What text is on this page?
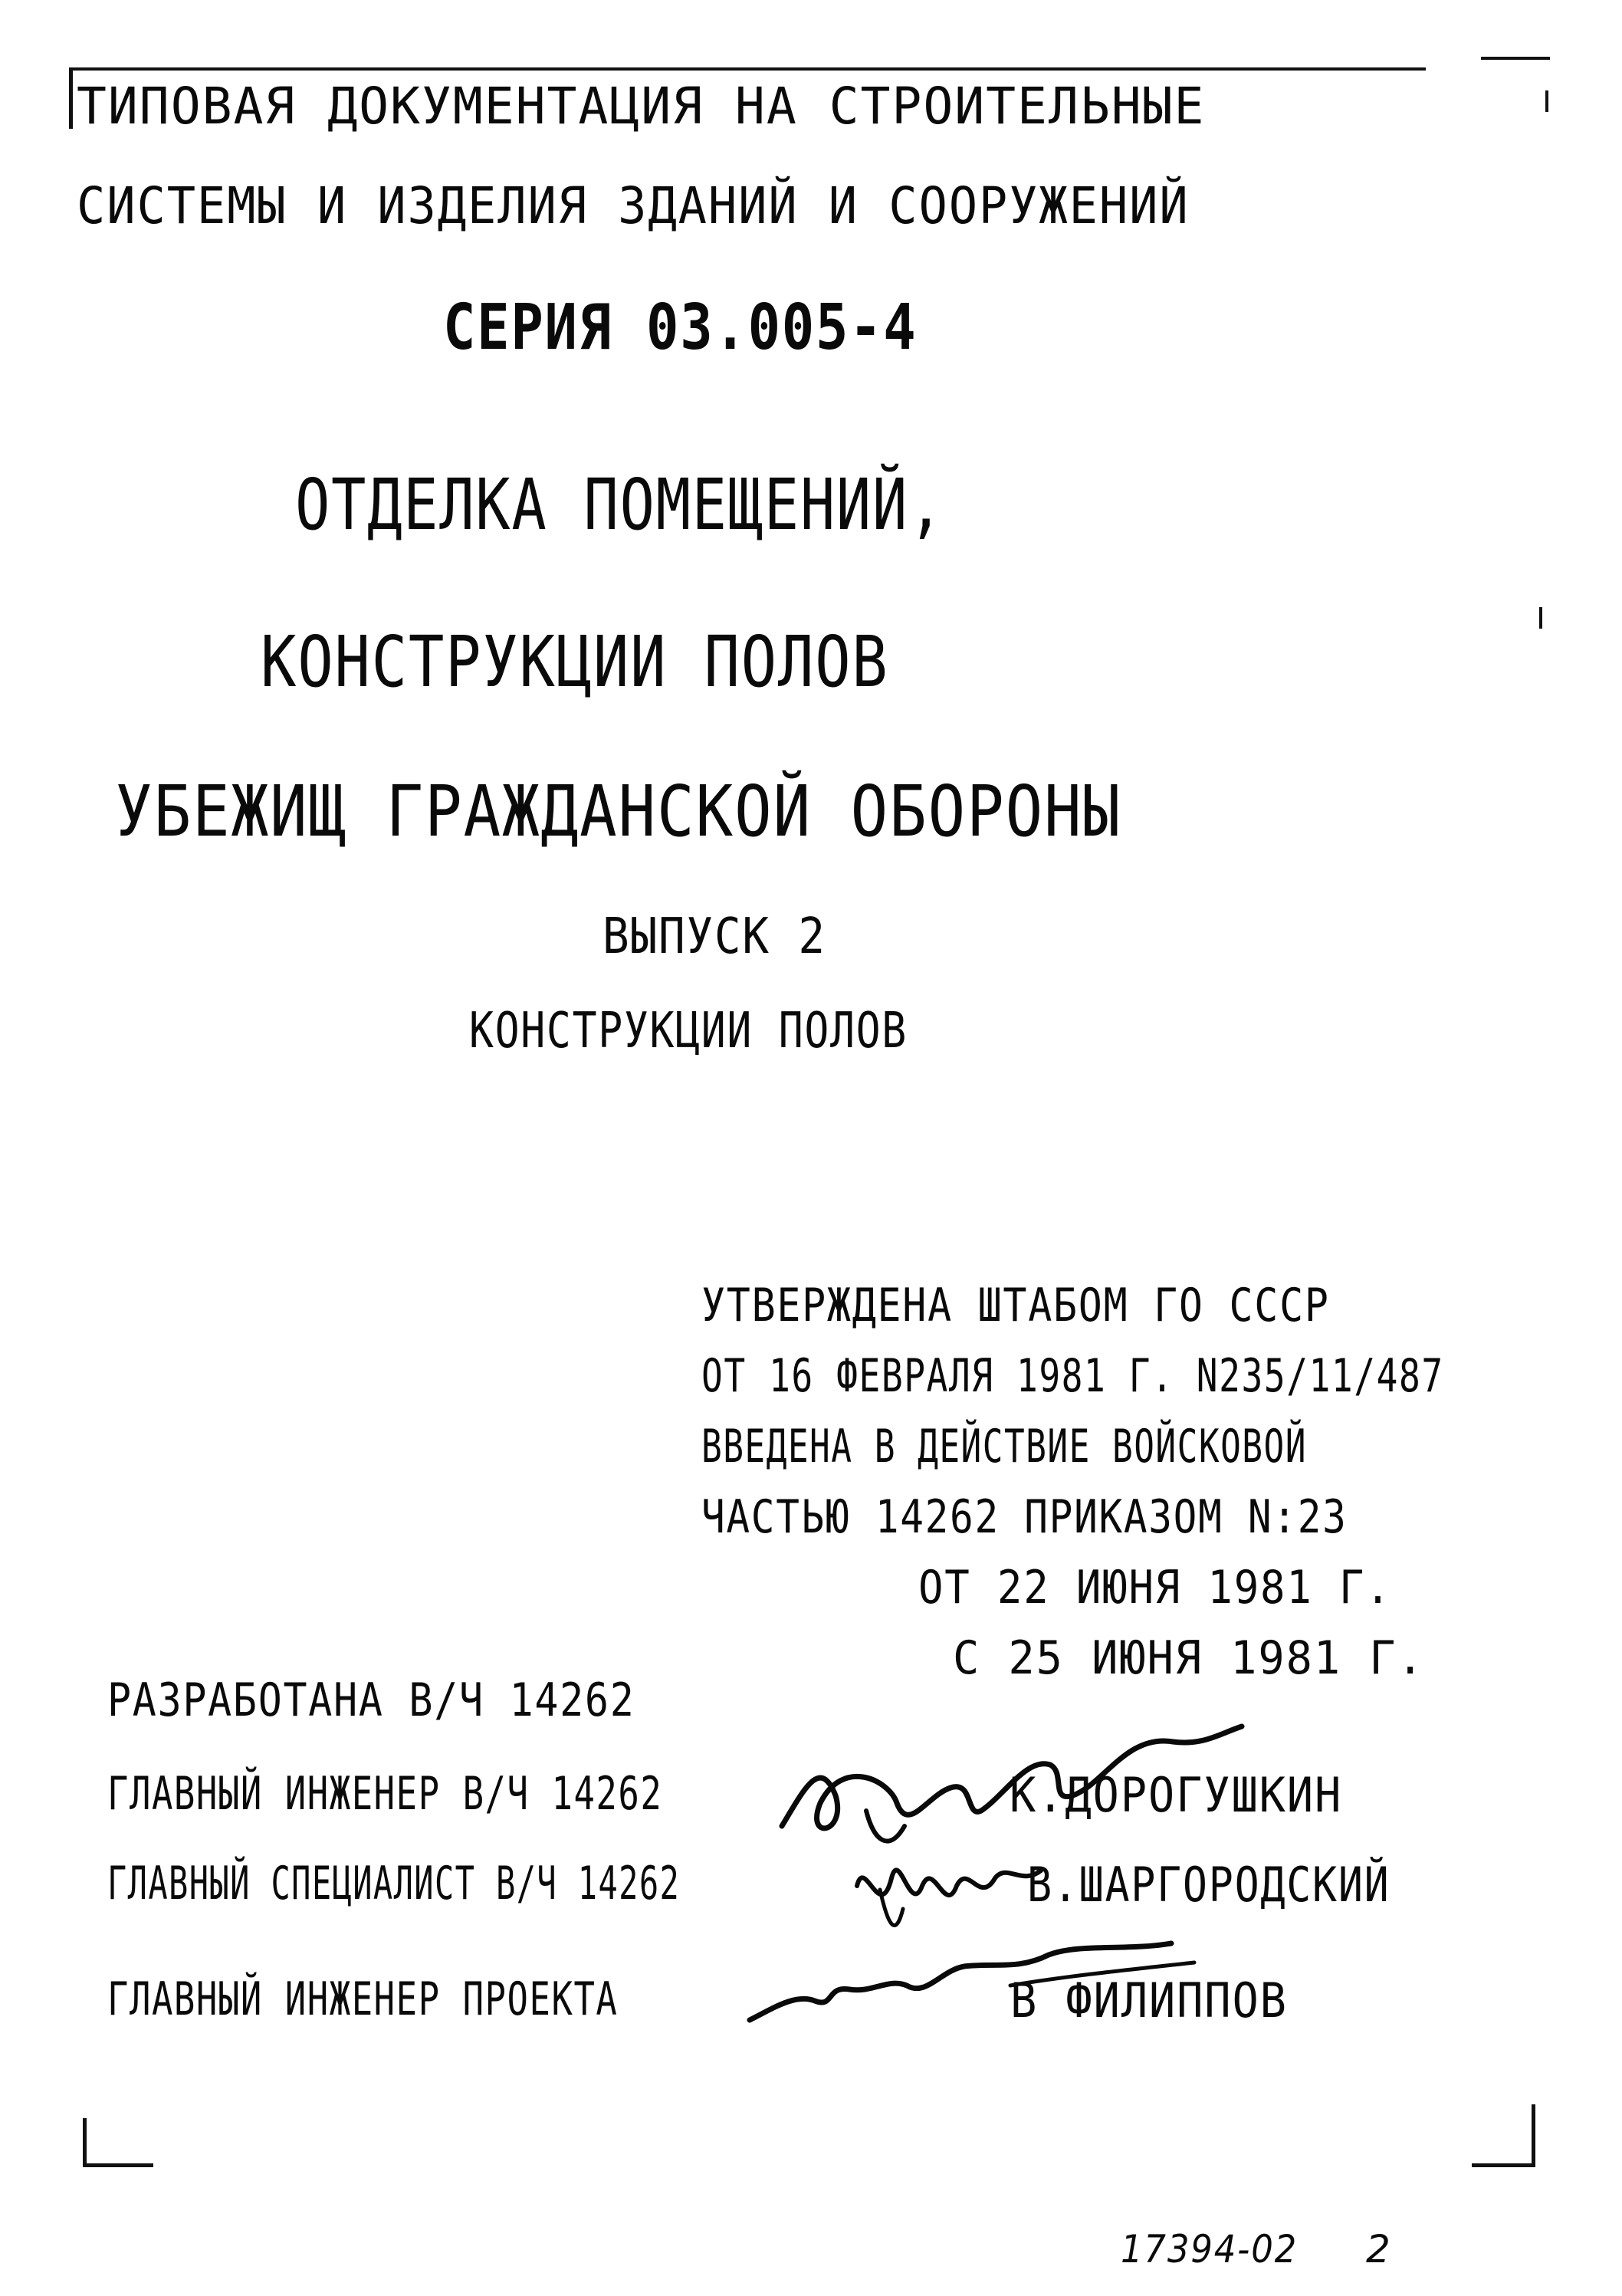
ТИПОВАЯ ДОКУМЕНТАЦИЯ НА СТРОИТЕЛЬНЫЕ
СИСТЕМЫ И ИЗДЕЛИЯ ЗДАНИЙ И СООРУЖЕНИЙ
СЕРИЯ 03.005-4
ОТДЕЛКА ПОМЕЩЕНИЙ,
КОНСТРУКЦИИ ПОЛОВ
УБЕЖИЩ ГРАЖДАНСКОЙ ОБОРОНЫ
ВЫПУСК 2
КОНСТРУКЦИИ ПОЛОВ
УТВЕРЖДЕНА ШТАБОМ ГО СССР
ОТ 16 ФЕВРАЛЯ 1981 Г. N235/11/487
ВВЕДЕНА В ДЕЙСТВИЕ ВОЙСКОВОЙ
ЧАСТЬЮ 14262 ПРИКАЗОМ N:23
ОТ 22 ИЮНЯ 1981 Г.
С 25 ИЮНЯ 1981 Г.
РАЗРАБОТАНА В/Ч 14262
ГЛАВНЫЙ ИНЖЕНЕР В/Ч 14262	К.ДОРОГУШКИН
ГЛАВНЫЙ СПЕЦИАЛИСТ В/Ч 14262	В.ШАРГОРОДСКИЙ
ГЛАВНЫЙ ИНЖЕНЕР ПРОЕКТА	В ФИЛИППОВ
17394-02 2
